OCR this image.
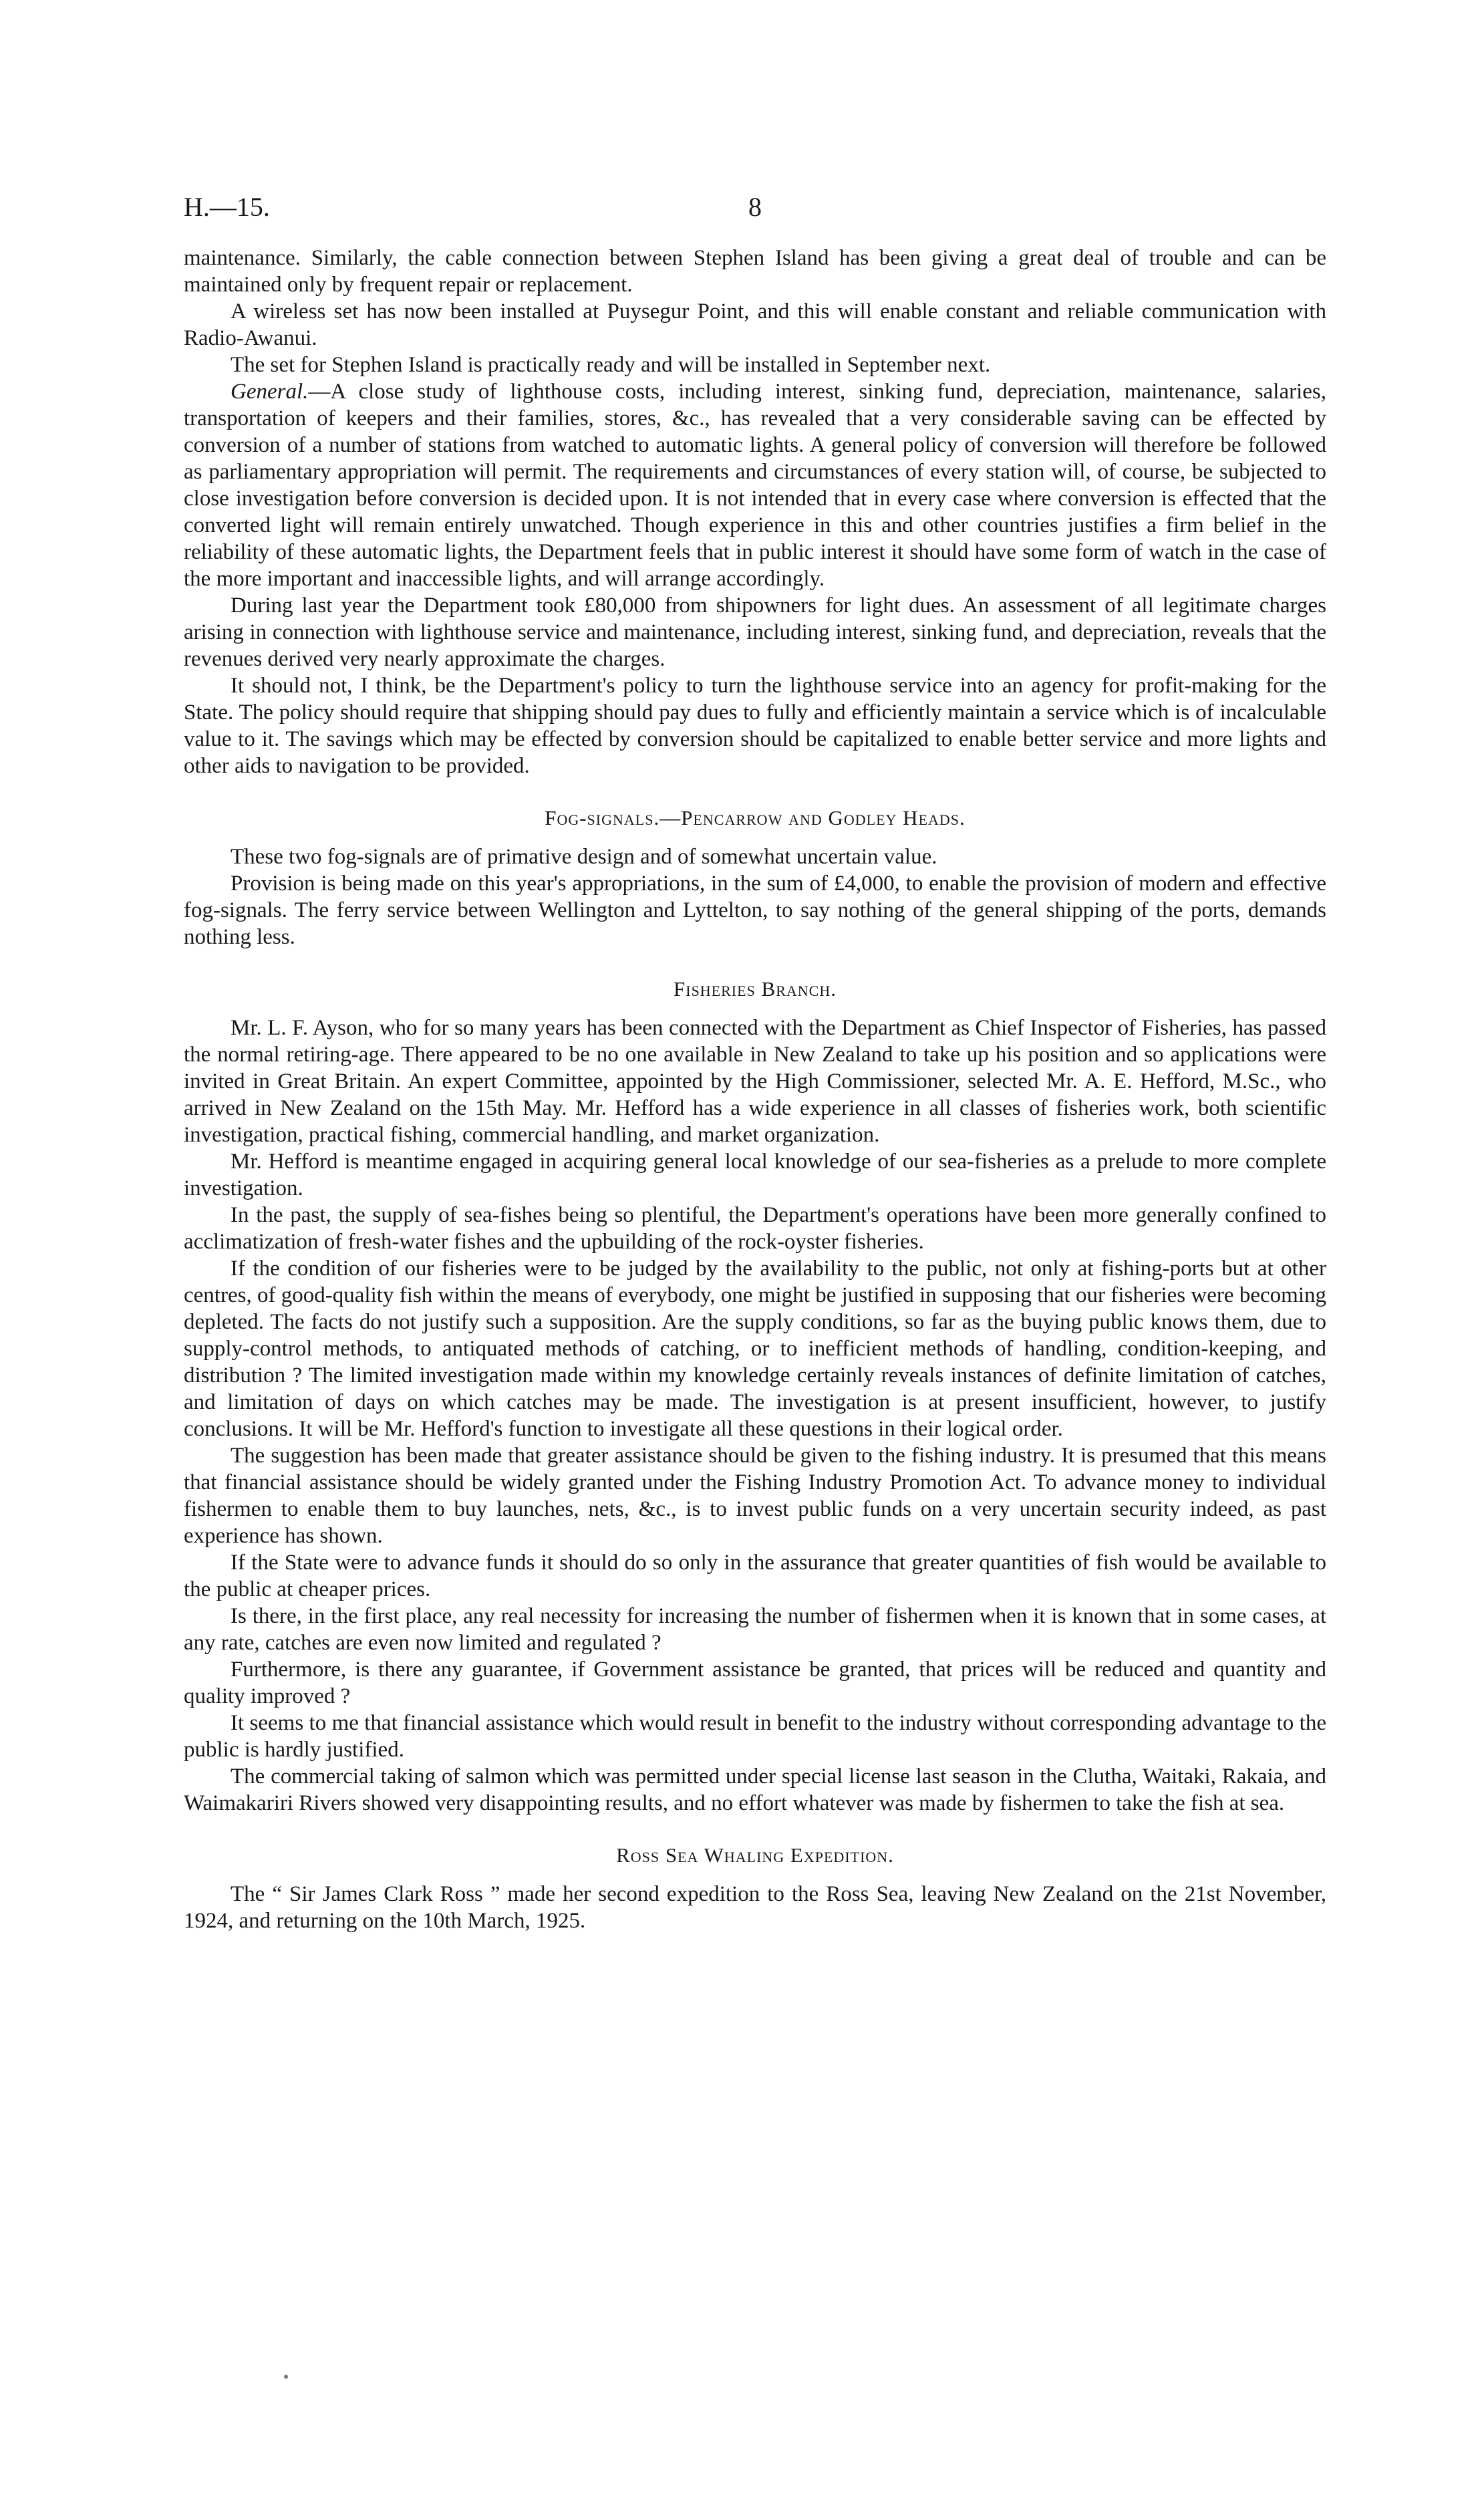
H.—15.	8

maintenance. Similarly, the cable connection between Stephen Island has been giving a great deal of trouble and can be maintained only by frequent repair or replacement.

A wireless set has now been installed at Puysegur Point, and this will enable constant and reliable communication with Radio-Awanui.

The set for Stephen Island is practically ready and will be installed in September next.

General.—A close study of lighthouse costs, including interest, sinking fund, depreciation, maintenance, salaries, transportation of keepers and their families, stores, &c., has revealed that a very considerable saving can be effected by conversion of a number of stations from watched to automatic lights. A general policy of conversion will therefore be followed as parliamentary appropriation will permit. The requirements and circumstances of every station will, of course, be subjected to close investigation before conversion is decided upon. It is not intended that in every case where conversion is effected that the converted light will remain entirely unwatched. Though experience in this and other countries justifies a firm belief in the reliability of these automatic lights, the Department feels that in public interest it should have some form of watch in the case of the more important and inaccessible lights, and will arrange accordingly.

During last year the Department took £80,000 from shipowners for light dues. An assessment of all legitimate charges arising in connection with lighthouse service and maintenance, including interest, sinking fund, and depreciation, reveals that the revenues derived very nearly approximate the charges.

It should not, I think, be the Department's policy to turn the lighthouse service into an agency for profit-making for the State. The policy should require that shipping should pay dues to fully and efficiently maintain a service which is of incalculable value to it. The savings which may be effected by conversion should be capitalized to enable better service and more lights and other aids to navigation to be provided.

Fog-signals.—Pencarrow and Godley Heads.

These two fog-signals are of primative design and of somewhat uncertain value.

Provision is being made on this year's appropriations, in the sum of £4,000, to enable the provision of modern and effective fog-signals. The ferry service between Wellington and Lyttelton, to say nothing of the general shipping of the ports, demands nothing less.

Fisheries Branch.

Mr. L. F. Ayson, who for so many years has been connected with the Department as Chief Inspector of Fisheries, has passed the normal retiring-age. There appeared to be no one available in New Zealand to take up his position and so applications were invited in Great Britain. An expert Committee, appointed by the High Commissioner, selected Mr. A. E. Hefford, M.Sc., who arrived in New Zealand on the 15th May. Mr. Hefford has a wide experience in all classes of fisheries work, both scientific investigation, practical fishing, commercial handling, and market organization.

Mr. Hefford is meantime engaged in acquiring general local knowledge of our sea-fisheries as a prelude to more complete investigation.

In the past, the supply of sea-fishes being so plentiful, the Department's operations have been more generally confined to acclimatization of fresh-water fishes and the upbuilding of the rock-oyster fisheries.

If the condition of our fisheries were to be judged by the availability to the public, not only at fishing-ports but at other centres, of good-quality fish within the means of everybody, one might be justified in supposing that our fisheries were becoming depleted. The facts do not justify such a supposition. Are the supply conditions, so far as the buying public knows them, due to supply-control methods, to antiquated methods of catching, or to inefficient methods of handling, condition-keeping, and distribution ? The limited investigation made within my knowledge certainly reveals instances of definite limitation of catches, and limitation of days on which catches may be made. The investigation is at present insufficient, however, to justify conclusions. It will be Mr. Hefford's function to investigate all these questions in their logical order.

The suggestion has been made that greater assistance should be given to the fishing industry. It is presumed that this means that financial assistance should be widely granted under the Fishing Industry Promotion Act. To advance money to individual fishermen to enable them to buy launches, nets, &c., is to invest public funds on a very uncertain security indeed, as past experience has shown.

If the State were to advance funds it should do so only in the assurance that greater quantities of fish would be available to the public at cheaper prices.

Is there, in the first place, any real necessity for increasing the number of fishermen when it is known that in some cases, at any rate, catches are even now limited and regulated ?

Furthermore, is there any guarantee, if Government assistance be granted, that prices will be reduced and quantity and quality improved ?

It seems to me that financial assistance which would result in benefit to the industry without corresponding advantage to the public is hardly justified.

The commercial taking of salmon which was permitted under special license last season in the Clutha, Waitaki, Rakaia, and Waimakariri Rivers showed very disappointing results, and no effort whatever was made by fishermen to take the fish at sea.

Ross Sea Whaling Expedition.

The “ Sir James Clark Ross ” made her second expedition to the Ross Sea, leaving New Zealand on the 21st November, 1924, and returning on the 10th March, 1925.
